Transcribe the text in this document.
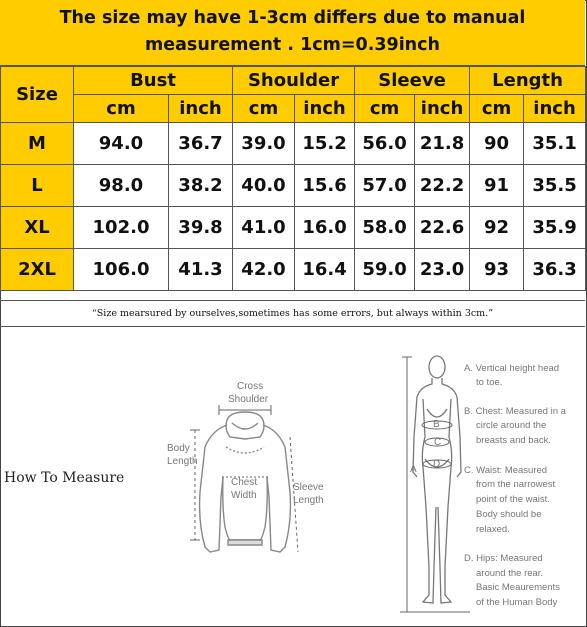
The size may have 1-3cm differs due to manual
measurement . 1cm=0.39inch
Size	Bust		Shoulder		Sleeve		Length	
	cm	inch	cm	inch	cm	inch	cm	inch
M	94.0	36.7	39.0	15.2	56.0	21.8	90	35.1
L	98.0	38.2	40.0	15.6	57.0	22.2	91	35.5
XL	102.0	39.8	41.0	16.0	58.0	22.6	92	35.9
2XL	106.0	41.3	42.0	16.4	59.0	23.0	93	36.3
“Size mearsured by ourselves,sometimes has some errors, but always within 3cm.”
How To Measure
Cross
Shoulder
Body
Length
Chest
Width
Sleeve
Length
A
B
C
D
A. Vertical height head
to toe.
B. Chest: Measured in a
circle around the
breasts and back.
C. Waist: Measured
from the narrowest
point of the waist.
Body should be
relaxed.
D. Hips: Measured
around the rear.
Basic Meaurements
of the Human Body
